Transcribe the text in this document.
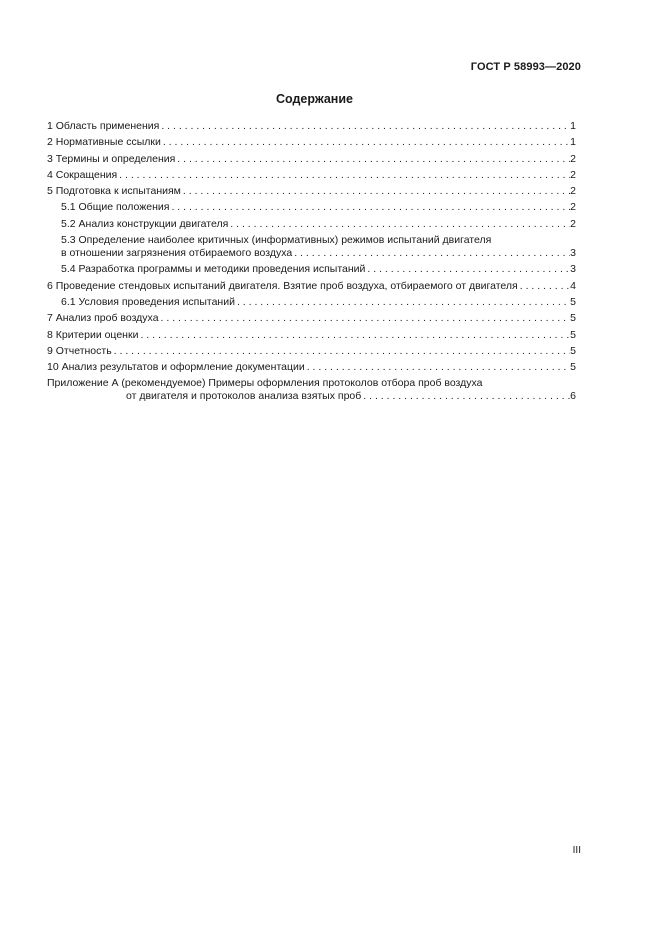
ГОСТ Р 58993—2020
Содержание
1 Область применения . . .	1
2 Нормативные ссылки . . .	1
3 Термины и определения . . .	2
4 Сокращения . . .	2
5 Подготовка к испытаниям . . .	2
5.1 Общие положения . . .	2
5.2 Анализ конструкции двигателя . . .	2
5.3 Определение наиболее критичных (информативных) режимов испытаний двигателя
в отношении загрязнения отбираемого воздуха . . .	3
5.4 Разработка программы и методики проведения испытаний . . .	3
6 Проведение стендовых испытаний двигателя. Взятие проб воздуха, отбираемого от двигателя . . .	4
6.1 Условия проведения испытаний . . .	5
7 Анализ проб воздуха . . .	5
8 Критерии оценки . . .	5
9 Отчетность . . .	5
10 Анализ результатов и оформление документации . . .	5
Приложение А (рекомендуемое) Примеры оформления протоколов отбора проб воздуха
от двигателя и протоколов анализа взятых проб . . .	6
III
